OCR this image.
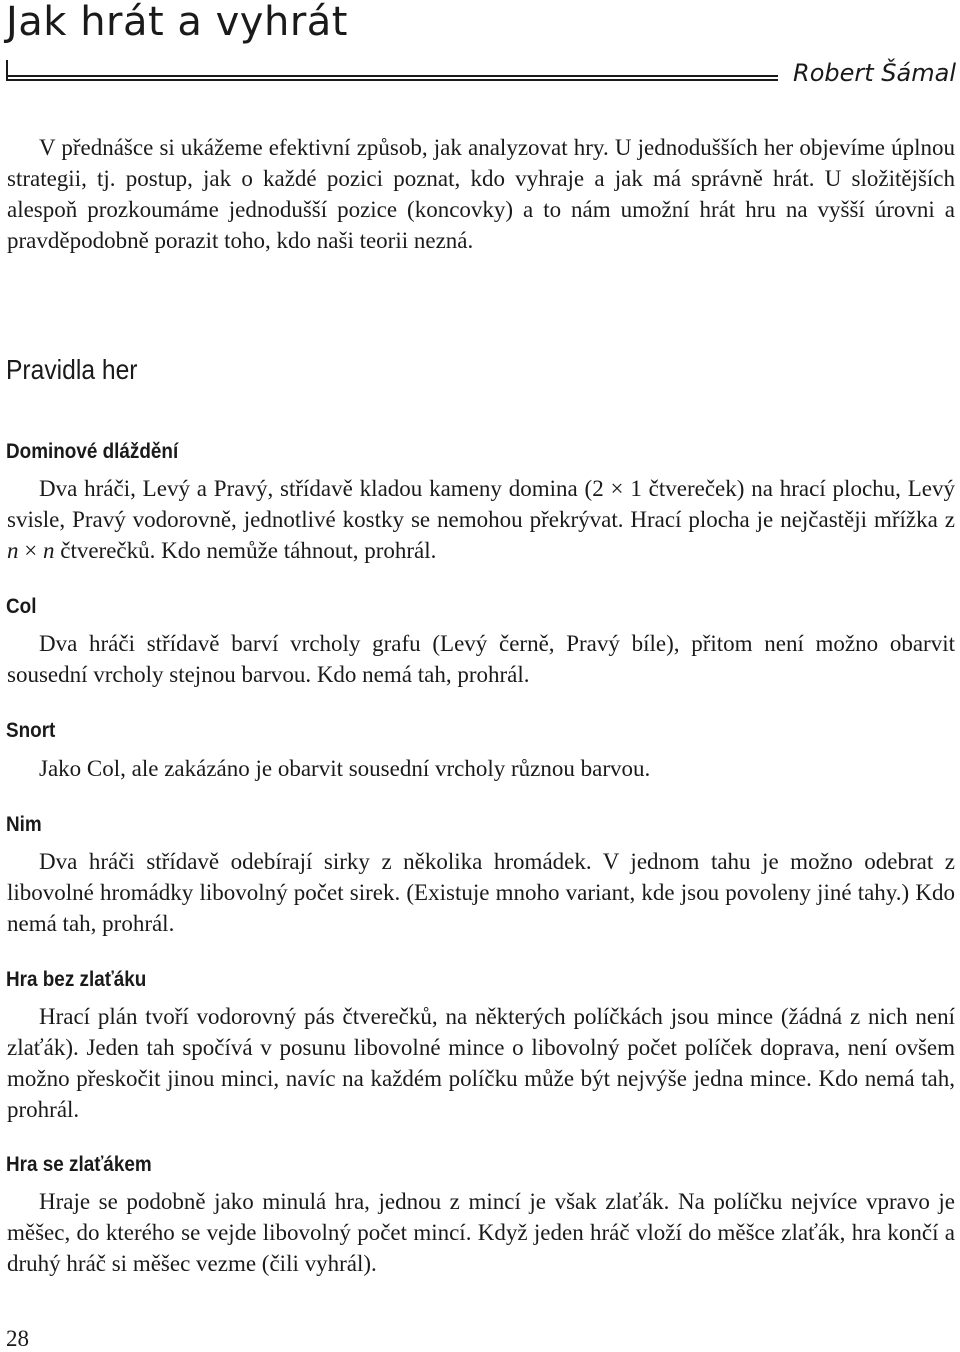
Jak hrát a vyhrát
Robert Šámal

V přednášce si ukážeme efektivní způsob, jak analyzovat hry. U jednodušších her objevíme úplnou strategii, tj. postup, jak o každé pozici poznat, kdo vyhraje a jak má správně hrát. U složitějších alespoň prozkoumáme jednodušší pozice (koncovky) a to nám umožní hrát hru na vyšší úrovni a pravděpodobně porazit toho, kdo naši teorii nezná.

Pravidla her
Dominové dláždění

Dva hráči, Levý a Pravý, střídavě kladou kameny domina (2 × 1 čtvereček) na hrací plochu, Levý svisle, Pravý vodorovně, jednotlivé kostky se nemohou překrývat. Hrací plocha je nejčastěji mřížka z n × n čtverečků. Kdo nemůže táhnout, prohrál.

Col

Dva hráči střídavě barví vrcholy grafu (Levý černě, Pravý bíle), přitom není možno obarvit sousední vrcholy stejnou barvou. Kdo nemá tah, prohrál.

Snort

Jako Col, ale zakázáno je obarvit sousední vrcholy různou barvou.

Nim

Dva hráči střídavě odebírají sirky z několika hromádek. V jednom tahu je možno odebrat z libovolné hromádky libovolný počet sirek. (Existuje mnoho variant, kde jsou povoleny jiné tahy.) Kdo nemá tah, prohrál.

Hra bez zlaťáku

Hrací plán tvoří vodorovný pás čtverečků, na některých políčkách jsou mince (žádná z nich není zlaťák). Jeden tah spočívá v posunu libovolné mince o libovolný počet políček doprava, není ovšem možno přeskočit jinou minci, navíc na každém políčku může být nejvýše jedna mince. Kdo nemá tah, prohrál.

Hra se zlaťákem

Hraje se podobně jako minulá hra, jednou z mincí je však zlaťák. Na políčku nejvíce vpravo je měšec, do kterého se vejde libovolný počet mincí. Když jeden hráč vloží do měšce zlaťák, hra končí a druhý hráč si měšec vezme (čili vyhrál).

28
